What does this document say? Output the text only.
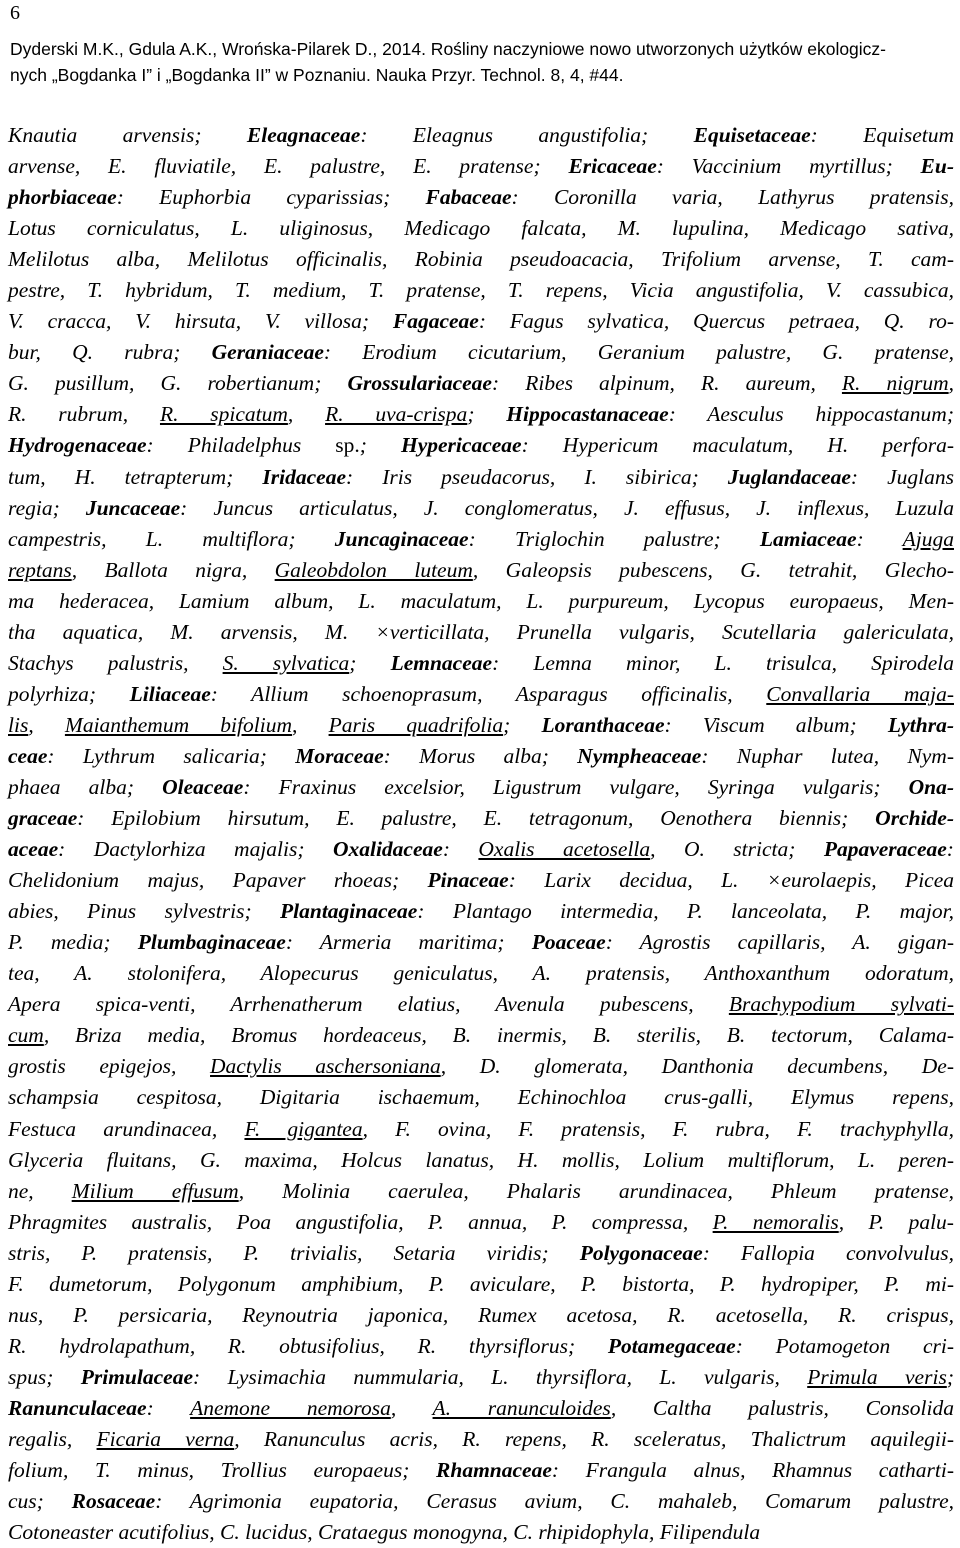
6
Dyderski M.K., Gdula A.K., Wrońska-Pilarek D., 2014. Rośliny naczyniowe nowo utworzonych użytków ekologicz-
nych „Bogdanka I” i „Bogdanka II” w Poznaniu. Nauka Przyr. Technol. 8, 4, #44.
Knautia arvensis; Eleagnaceae: Eleagnus angustifolia; Equisetaceae: Equisetum
arvense, E. fluviatile, E. palustre, E. pratense; Ericaceae: Vaccinium myrtillus; Eu-
phorbiaceae: Euphorbia cyparissias; Fabaceae: Coronilla varia, Lathyrus pratensis,
Lotus corniculatus, L. uliginosus, Medicago falcata, M. lupulina, Medicago sativa,
Melilotus alba, Melilotus officinalis, Robinia pseudoacacia, Trifolium arvense, T. cam-
pestre, T. hybridum, T. medium, T. pratense, T. repens, Vicia angustifolia, V. cassubica,
V. cracca, V. hirsuta, V. villosa; Fagaceae: Fagus sylvatica, Quercus petraea, Q. ro-
bur, Q. rubra; Geraniaceae: Erodium cicutarium, Geranium palustre, G. pratense,
G. pusillum, G. robertianum; Grossulariaceae: Ribes alpinum, R. aureum, R. nigrum,
R. rubrum, R. spicatum, R. uva-crispa; Hippocastanaceae: Aesculus hippocastanum;
Hydrogenaceae: Philadelphus sp.; Hypericaceae: Hypericum maculatum, H. perfora-
tum, H. tetrapterum; Iridaceae: Iris pseudacorus, I. sibirica; Juglandaceae: Juglans
regia; Juncaceae: Juncus articulatus, J. conglomeratus, J. effusus, J. inflexus, Luzula
campestris, L. multiflora; Juncaginaceae: Triglochin palustre; Lamiaceae: Ajuga
reptans, Ballota nigra, Galeobdolon luteum, Galeopsis pubescens, G. tetrahit, Glecho-
ma hederacea, Lamium album, L. maculatum, L. purpureum, Lycopus europaeus, Men-
tha aquatica, M. arvensis, M. ×verticillata, Prunella vulgaris, Scutellaria galericulata,
Stachys palustris, S. sylvatica; Lemnaceae: Lemna minor, L. trisulca, Spirodela
polyrhiza; Liliaceae: Allium schoenoprasum, Asparagus officinalis, Convallaria maja-
lis, Maianthemum bifolium, Paris quadrifolia; Loranthaceae: Viscum album; Lythra-
ceae: Lythrum salicaria; Moraceae: Morus alba; Nympheaceae: Nuphar lutea, Nym-
phaea alba; Oleaceae: Fraxinus excelsior, Ligustrum vulgare, Syringa vulgaris; Ona-
graceae: Epilobium hirsutum, E. palustre, E. tetragonum, Oenothera biennis; Orchide-
aceae: Dactylorhiza majalis; Oxalidaceae: Oxalis acetosella, O. stricta; Papaveraceae:
Chelidonium majus, Papaver rhoeas; Pinaceae: Larix decidua, L. ×eurolaepis, Picea
abies, Pinus sylvestris; Plantaginaceae: Plantago intermedia, P. lanceolata, P. major,
P. media; Plumbaginaceae: Armeria maritima; Poaceae: Agrostis capillaris, A. gigan-
tea, A. stolonifera, Alopecurus geniculatus, A. pratensis, Anthoxanthum odoratum,
Apera spica-venti, Arrhenatherum elatius, Avenula pubescens, Brachypodium sylvati-
cum, Briza media, Bromus hordeaceus, B. inermis, B. sterilis, B. tectorum, Calama-
grostis epigejos, Dactylis aschersoniana, D. glomerata, Danthonia decumbens, De-
schampsia cespitosa, Digitaria ischaemum, Echinochloa crus-galli, Elymus repens,
Festuca arundinacea, F. gigantea, F. ovina, F. pratensis, F. rubra, F. trachyphylla,
Glyceria fluitans, G. maxima, Holcus lanatus, H. mollis, Lolium multiflorum, L. peren-
ne, Milium effusum, Molinia caerulea, Phalaris arundinacea, Phleum pratense,
Phragmites australis, Poa angustifolia, P. annua, P. compressa, P. nemoralis, P. palu-
stris, P. pratensis, P. trivialis, Setaria viridis; Polygonaceae: Fallopia convolvulus,
F. dumetorum, Polygonum amphibium, P. aviculare, P. bistorta, P. hydropiper, P. mi-
nus, P. persicaria, Reynoutria japonica, Rumex acetosa, R. acetosella, R. crispus,
R. hydrolapathum, R. obtusifolius, R. thyrsiflorus; Potamegaceae: Potamogeton cri-
spus; Primulaceae: Lysimachia nummularia, L. thyrsiflora, L. vulgaris, Primula veris;
Ranunculaceae: Anemone nemorosa, A. ranunculoides, Caltha palustris, Consolida
regalis, Ficaria verna, Ranunculus acris, R. repens, R. sceleratus, Thalictrum aquilegii-
folium, T. minus, Trollius europaeus; Rhamnaceae: Frangula alnus, Rhamnus catharti-
cus; Rosaceae: Agrimonia eupatoria, Cerasus avium, C. mahaleb, Comarum palustre,
Cotoneaster acutifolius, C. lucidus, Crataegus monogyna, C. rhipidophyla, Filipendula
